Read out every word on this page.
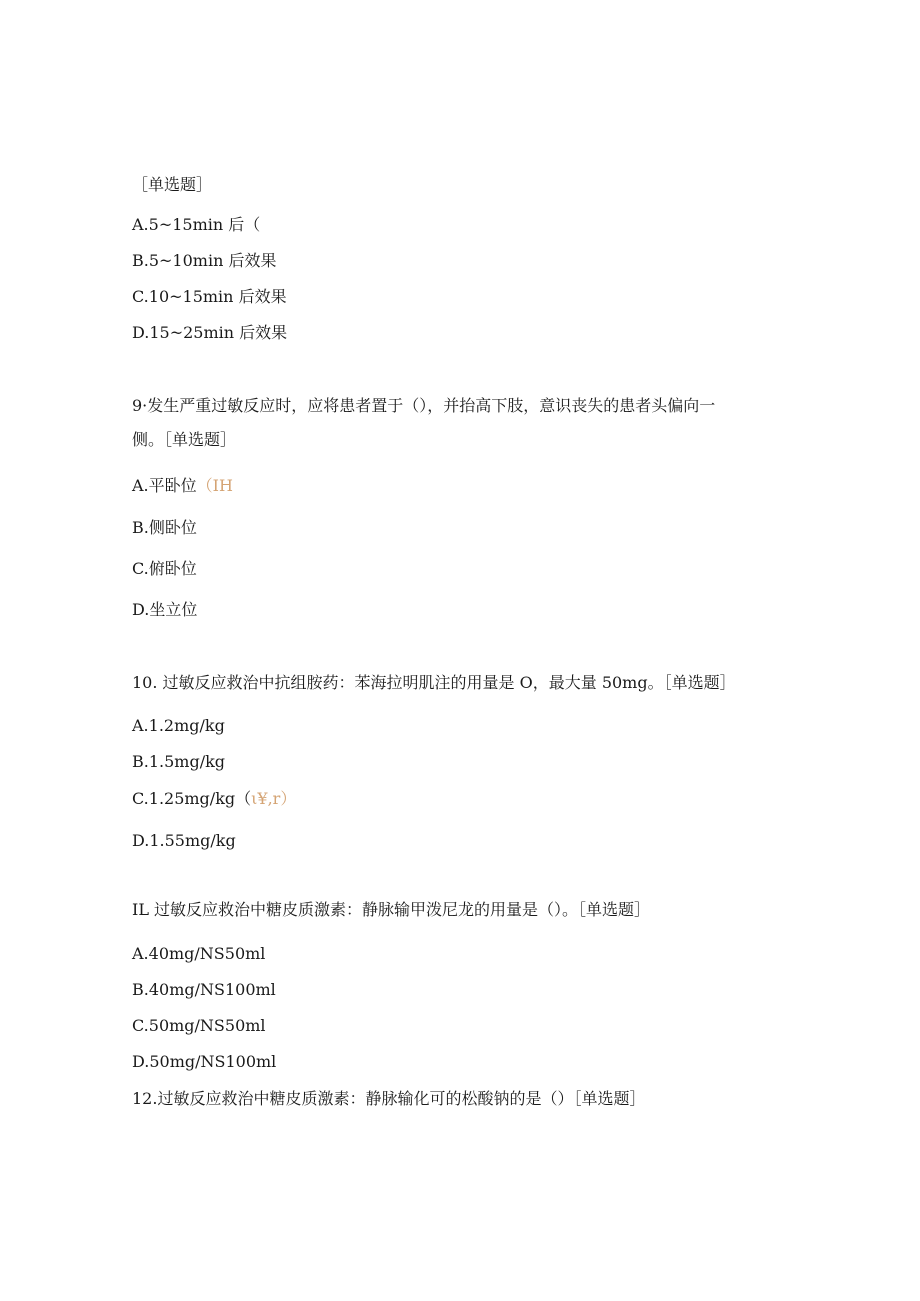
［单选题］
A.5~15min 后（
B.5~10min 后效果
C.10~15min 后效果
D.15~25min 后效果
9·发生严重过敏反应时，应将患者置于（），并抬高下肢，意识丧失的患者头偏向一
侧。［单选题］
A.平卧位（IH
B.侧卧位
C.俯卧位
D.坐立位
10. 过敏反应救治中抗组胺药：苯海拉明肌注的用量是 O，最大量 50mg。［单选题］
A.1.2mg/kg
B.1.5mg/kg
C.1.25mg/kg（ι¥,r）
D.1.55mg/kg
IL 过敏反应救治中糖皮质激素：静脉输甲泼尼龙的用量是（）。［单选题］
A.40mg/NS50ml
B.40mg/NS100ml
C.50mg/NS50ml
D.50mg/NS100ml
12.过敏反应救治中糖皮质激素：静脉输化可的松酸钠的是（）［单选题］
